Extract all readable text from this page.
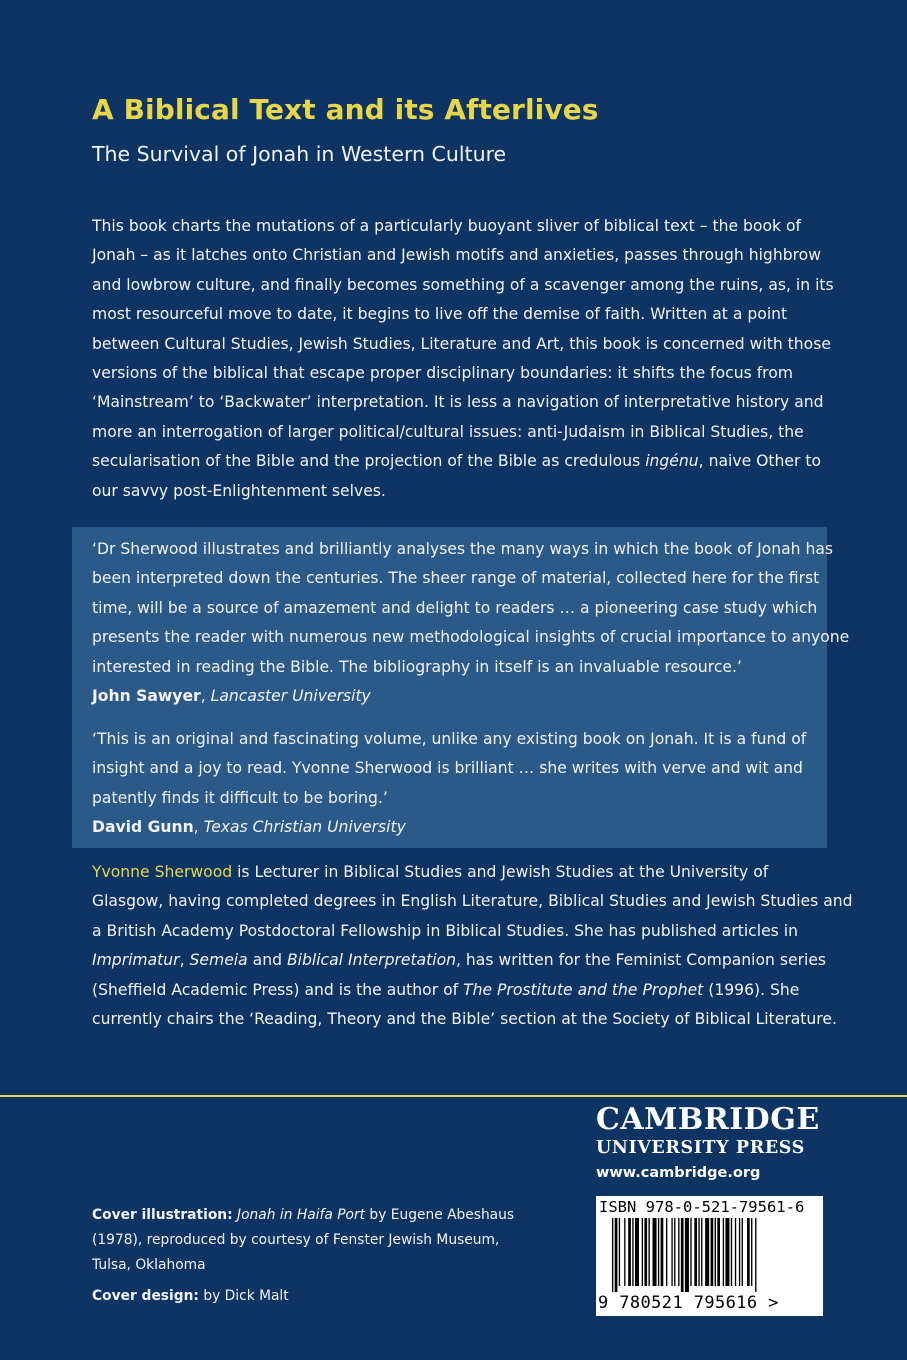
A Biblical Text and its Afterlives
The Survival of Jonah in Western Culture
This book charts the mutations of a particularly buoyant sliver of biblical text – the book of
Jonah – as it latches onto Christian and Jewish motifs and anxieties, passes through highbrow
and lowbrow culture, and finally becomes something of a scavenger among the ruins, as, in its
most resourceful move to date, it begins to live off the demise of faith. Written at a point
between Cultural Studies, Jewish Studies, Literature and Art, this book is concerned with those
versions of the biblical that escape proper disciplinary boundaries: it shifts the focus from
‘Mainstream’ to ‘Backwater’ interpretation. It is less a navigation of interpretative history and
more an interrogation of larger political/cultural issues: anti-Judaism in Biblical Studies, the
secularisation of the Bible and the projection of the Bible as credulous ingénu, naive Other to
our savvy post-Enlightenment selves.
‘Dr Sherwood illustrates and brilliantly analyses the many ways in which the book of Jonah has
been interpreted down the centuries. The sheer range of material, collected here for the first
time, will be a source of amazement and delight to readers … a pioneering case study which
presents the reader with numerous new methodological insights of crucial importance to anyone
interested in reading the Bible. The bibliography in itself is an invaluable resource.’
John Sawyer, Lancaster University
‘This is an original and fascinating volume, unlike any existing book on Jonah. It is a fund of
insight and a joy to read. Yvonne Sherwood is brilliant … she writes with verve and wit and
patently finds it difficult to be boring.’
David Gunn, Texas Christian University
Yvonne Sherwood is Lecturer in Biblical Studies and Jewish Studies at the University of
Glasgow, having completed degrees in English Literature, Biblical Studies and Jewish Studies and
a British Academy Postdoctoral Fellowship in Biblical Studies. She has published articles in
Imprimatur, Semeia and Biblical Interpretation, has written for the Feminist Companion series
(Sheffield Academic Press) and is the author of The Prostitute and the Prophet (1996). She
currently chairs the ‘Reading, Theory and the Bible’ section at the Society of Biblical Literature.
CAMBRIDGE
UNIVERSITY PRESS
www.cambridge.org
Cover illustration: Jonah in Haifa Port by Eugene Abeshaus
(1978), reproduced by courtesy of Fenster Jewish Museum,
Tulsa, Oklahoma
Cover design: by Dick Malt
ISBN 978-0-521-79561-6
9 780521 795616 >
